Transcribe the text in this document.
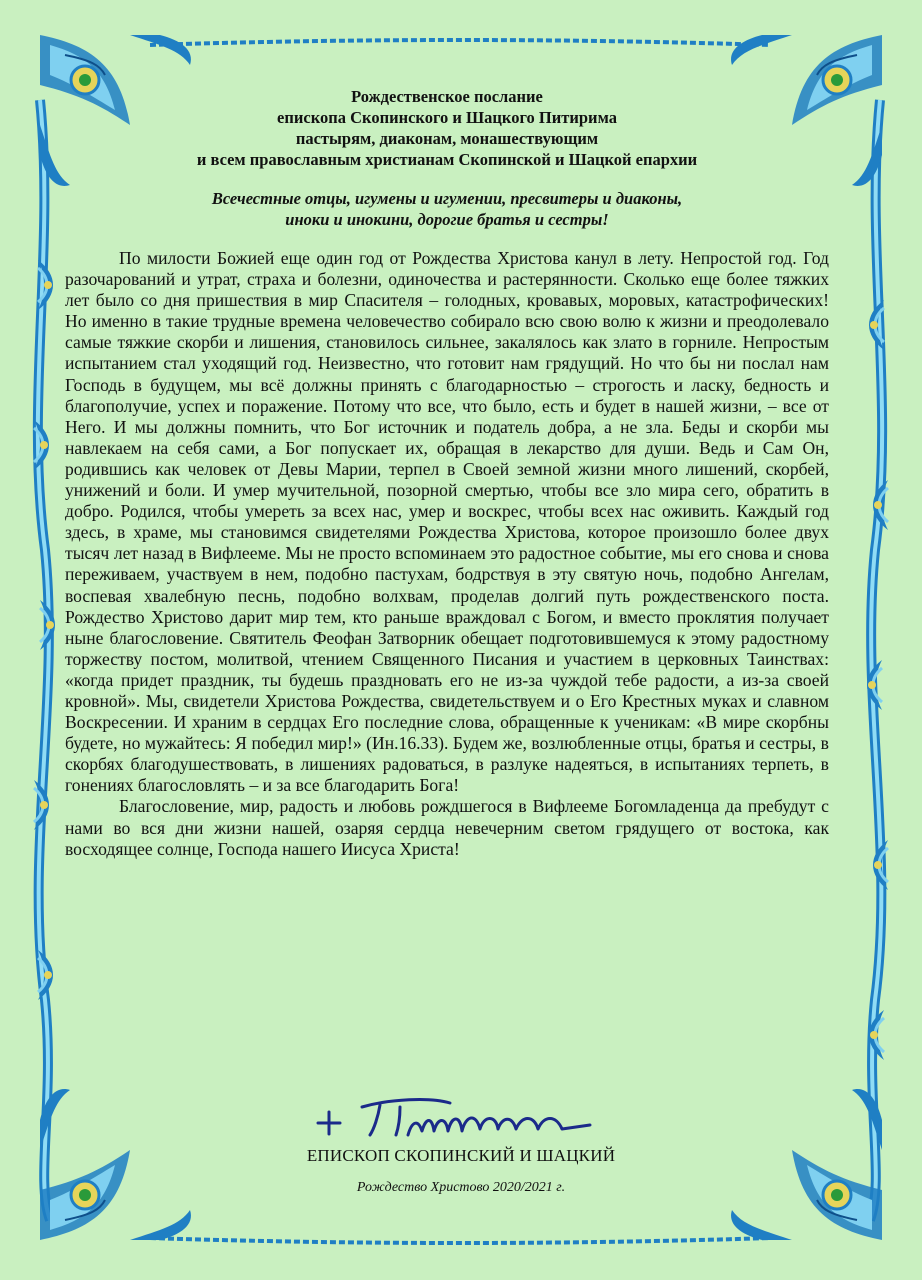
Рождественское послание
епископа Скопинского и Шацкого Питирима
пастырям, диаконам, монашествующим
и всем православным христианам Скопинской и Шацкой епархии

Всечестные отцы, игумены и игумении, пресвитеры и диаконы,
иноки и инокини, дорогие братья и сестры!

По милости Божией еще один год от Рождества Христова канул в лету. Непростой год. Год разочарований и утрат, страха и болезни, одиночества и растерянности. Сколько еще более тяжких лет было со дня пришествия в мир Спасителя – голодных, кровавых, моровых, катастрофических! Но именно в такие трудные времена человечество собирало всю свою волю к жизни и преодолевало самые тяжкие скорби и лишения, становилось сильнее, закалялось как злато в горниле. Непростым испытанием стал уходящий год. Неизвестно, что готовит нам грядущий. Но что бы ни послал нам Господь в будущем, мы всё должны принять с благодарностью – строгость и ласку, бедность и благополучие, успех и поражение. Потому что все, что было, есть и будет в нашей жизни, – все от Него. И мы должны помнить, что Бог источник и податель добра, а не зла. Беды и скорби мы навлекаем на себя сами, а Бог попускает их, обращая в лекарство для души. Ведь и Сам Он, родившись как человек от Девы Марии, терпел в Своей земной жизни много лишений, скорбей, унижений и боли. И умер мучительной, позорной смертью, чтобы все зло мира сего, обратить в добро. Родился, чтобы умереть за всех нас, умер и воскрес, чтобы всех нас оживить. Каждый год здесь, в храме, мы становимся свидетелями Рождества Христова, которое произошло более двух тысяч лет назад в Вифлееме. Мы не просто вспоминаем это радостное событие, мы его снова и снова переживаем, участвуем в нем, подобно пастухам, бодрствуя в эту святую ночь, подобно Ангелам, воспевая хвалебную песнь, подобно волхвам, проделав долгий путь рождественского поста. Рождество Христово дарит мир тем, кто раньше враждовал с Богом, и вместо проклятия получает ныне благословение. Святитель Феофан Затворник обещает подготовившемуся к этому радостному торжеству постом, молитвой, чтением Священного Писания и участием в церковных Таинствах: «когда придет праздник, ты будешь праздновать его не из-за чуждой тебе радости, а из-за своей кровной». Мы, свидетели Христова Рождества, свидетельствуем и о Его Крестных муках и славном Воскресении. И храним в сердцах Его последние слова, обращенные к ученикам: «В мире скорбны будете, но мужайтесь: Я победил мир!» (Ин.16.33). Будем же, возлюбленные отцы, братья и сестры, в скорбях благодушествовать, в лишениях радоваться, в разлуке надеяться, в испытаниях терпеть, в гонениях благословлять – и за все благодарить Бога!

Благословение, мир, радость и любовь рождшегося в Вифлееме Богомладенца да пребудут с нами во вся дни жизни нашей, озаряя сердца невечерним светом грядущего от востока, как восходящее солнце, Господа нашего Иисуса Христа!

ЕПИСКОП СКОПИНСКИЙ И ШАЦКИЙ
Рождество Христово 2020/2021 г.
